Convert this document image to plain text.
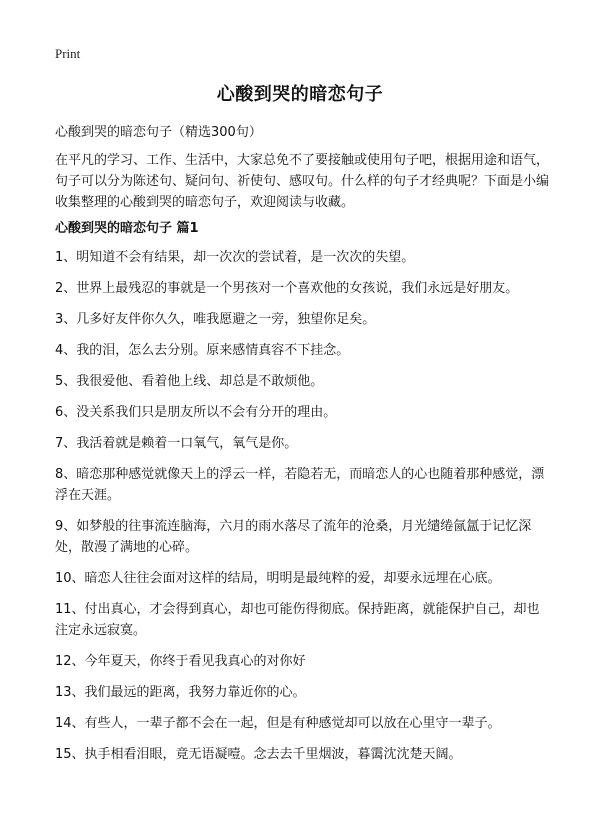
Print
心酸到哭的暗恋句子
心酸到哭的暗恋句子（精选300句）
在平凡的学习、工作、生活中，大家总免不了要接触或使用句子吧，根据用途和语气，句子可以分为陈述句、疑问句、祈使句、感叹句。什么样的句子才经典呢？下面是小编收集整理的心酸到哭的暗恋句子，欢迎阅读与收藏。
心酸到哭的暗恋句子 篇1
1、明知道不会有结果，却一次次的尝试着，是一次次的失望。
2、世界上最残忍的事就是一个男孩对一个喜欢他的女孩说，我们永远是好朋友。
3、几多好友伴你久久，唯我愿避之一旁，独望你足矣。
4、我的泪，怎么去分别。原来感情真容不下挂念。
5、我很爱他、看着他上线、却总是不敢烦他。
6、没关系我们只是朋友所以不会有分开的理由。
7、我活着就是赖着一口氧气，氧气是你。
8、暗恋那种感觉就像天上的浮云一样，若隐若无，而暗恋人的心也随着那种感觉，漂浮在天涯。
9、如梦般的往事流连脑海，六月的雨水落尽了流年的沧桑，月光缱绻氤氲于记忆深处，散漫了满地的心碎。
10、暗恋人往往会面对这样的结局，明明是最纯粹的爱，却要永远埋在心底。
11、付出真心，才会得到真心，却也可能伤得彻底。保持距离，就能保护自己，却也注定永远寂寞。
12、今年夏天，你终于看见我真心的对你好
13、我们最远的距离，我努力靠近你的心。
14、有些人，一辈子都不会在一起，但是有种感觉却可以放在心里守一辈子。
15、执手相看泪眼，竟无语凝噎。念去去千里烟波，暮霭沈沈楚天阔。
